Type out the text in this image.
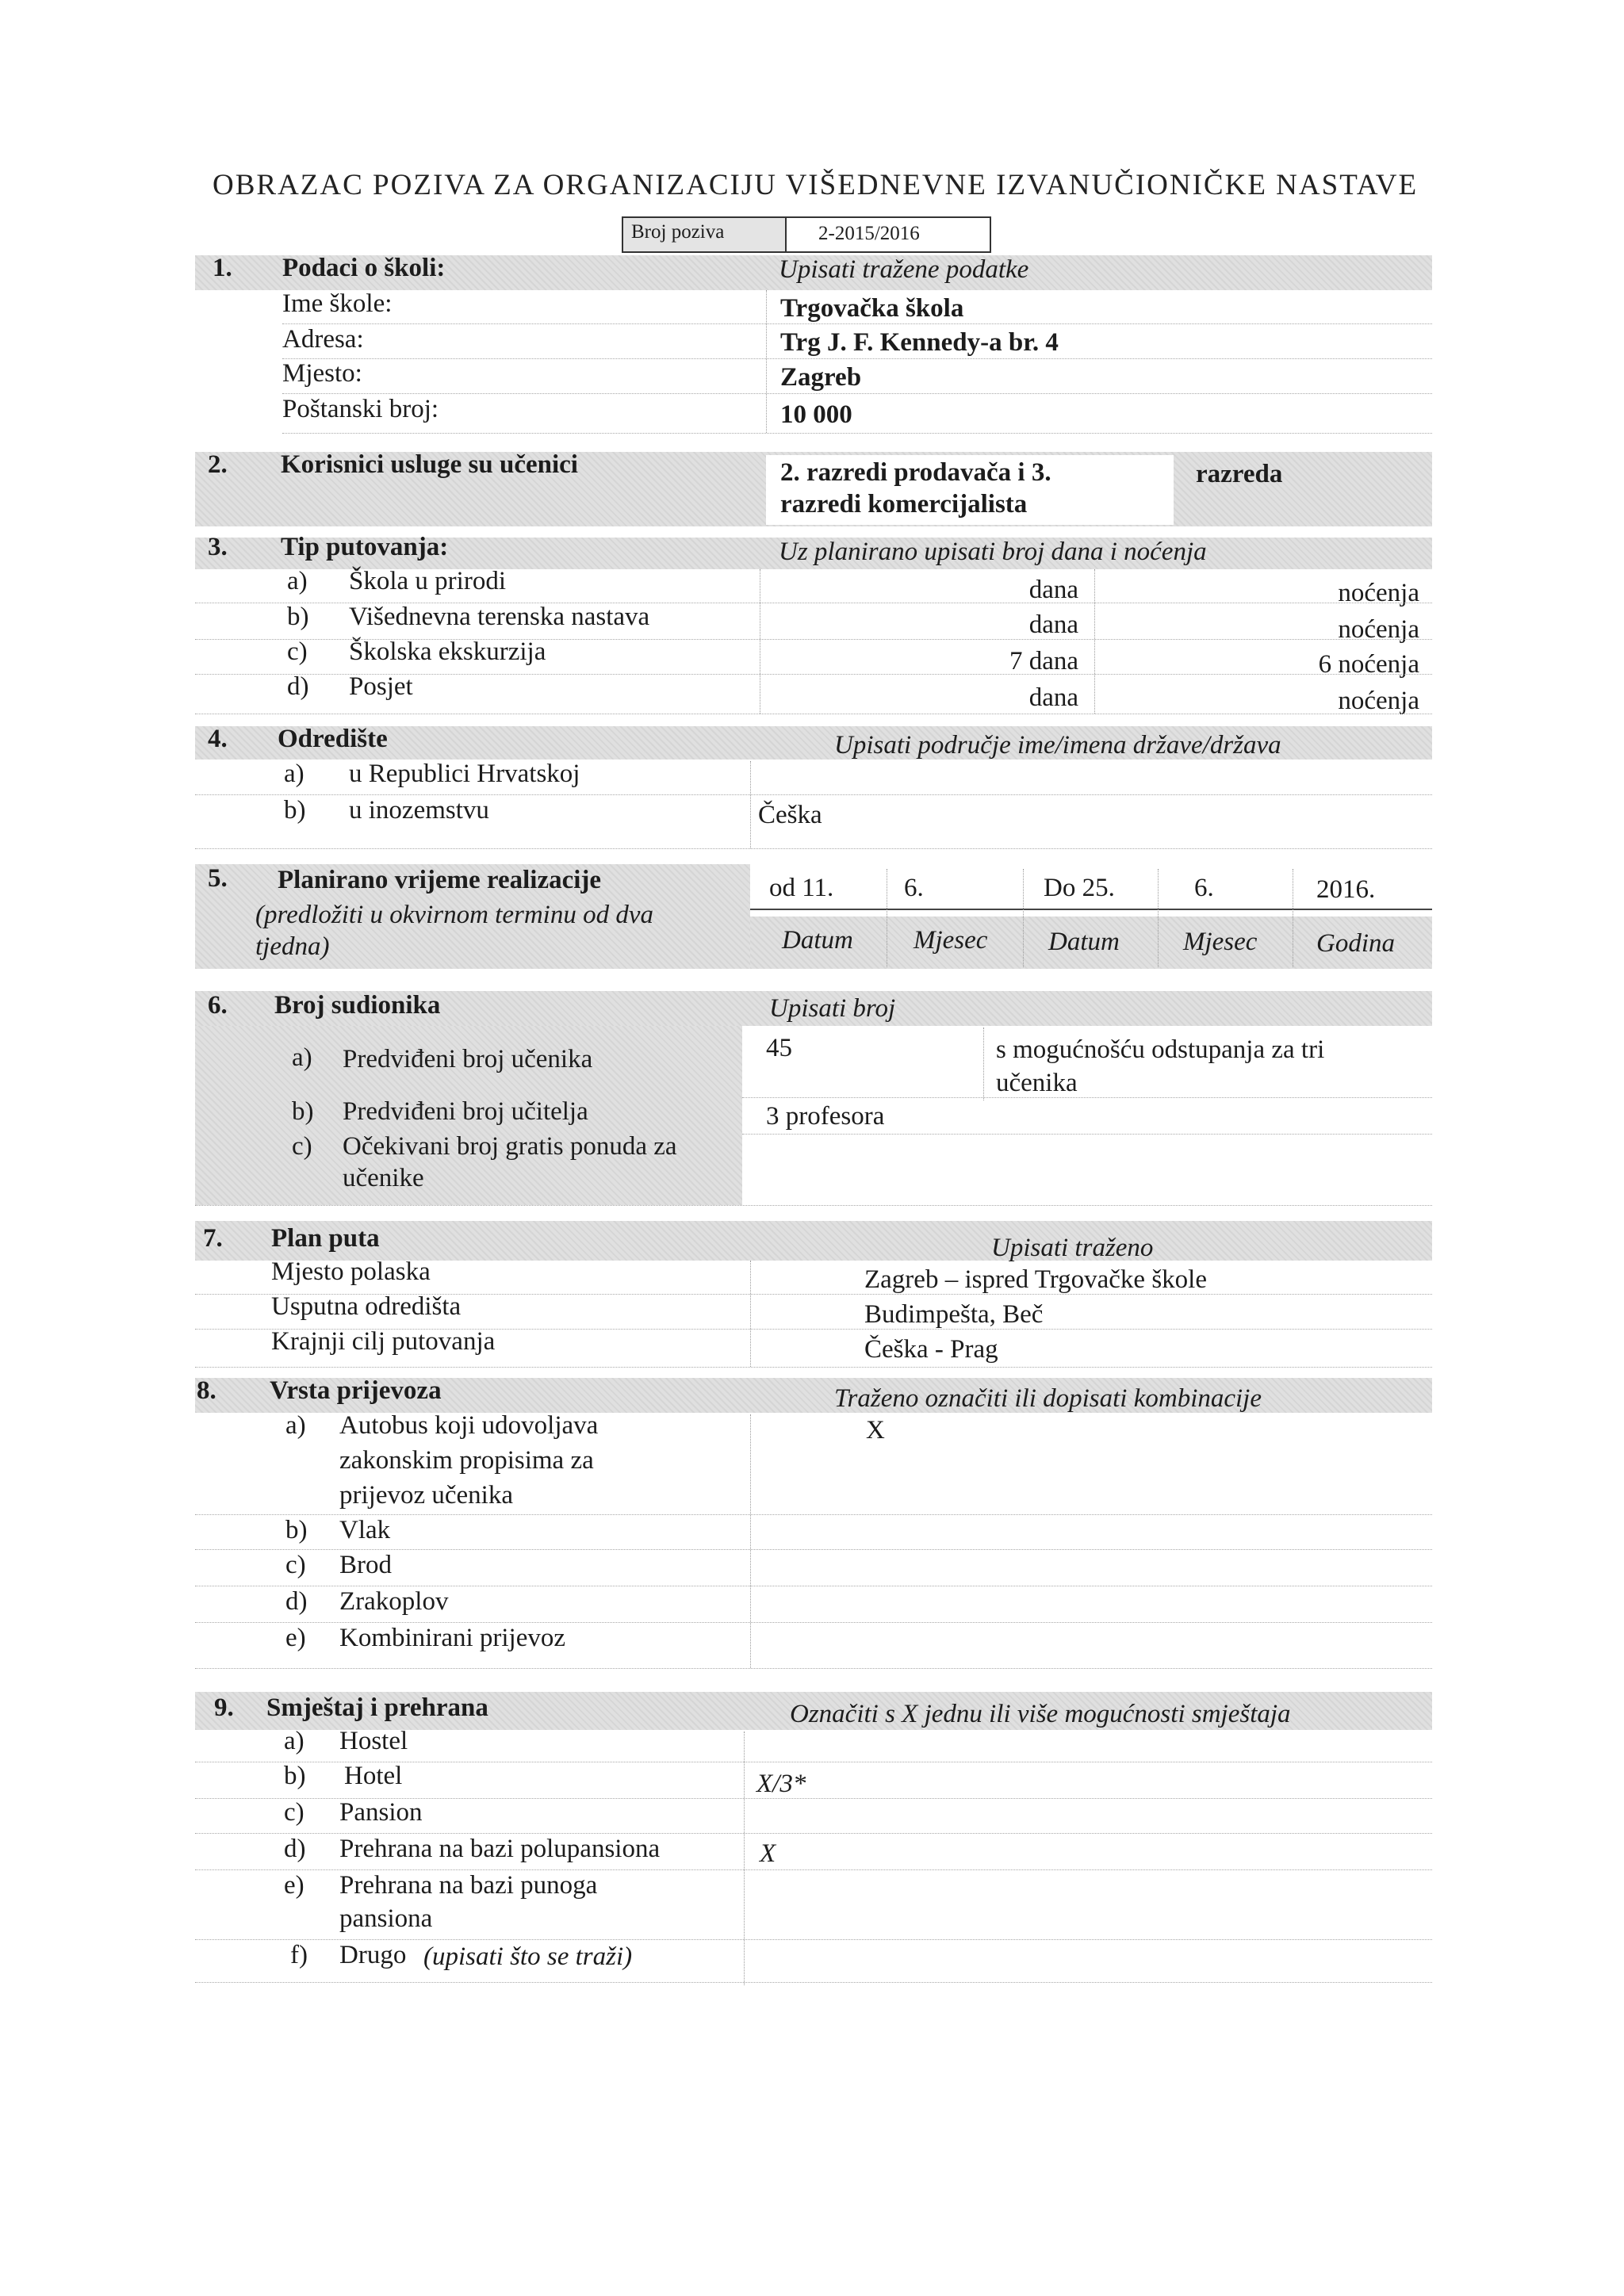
OBRAZAC POZIVA ZA ORGANIZACIJU VIŠEDNEVNE IZVANUČIONIČKE NASTAVE
Broj poziva	2-2015/2016
1. Podaci o školi:	Upisati tražene podatke
Ime škole:	Trgovačka škola
Adresa:	Trg J. F. Kennedy-a br. 4
Mjesto:	Zagreb
Poštanski broj:	10 000
2. Korisnici usluge su učenici	2. razredi prodavača i 3.
razredi komercijalista
razreda
3. Tip putovanja:	Uz planirano upisati broj dana i noćenja
a) Škola u prirodi	dana	noćenja
b) Višednevna terenska nastava	dana	noćenja
c) Školska ekskurzija	7 dana	6 noćenja
d) Posjet	dana	noćenja
4. Odredište	Upisati područje ime/imena države/država
a) u Republici Hrvatskoj
b) u inozemstvu	Češka
5. Planirano vrijeme realizacije
(predložiti u okvirnom terminu od dva
tjedna)
od 11.	6.	Do 25.	6.	2016.
Datum Mjesec Datum Mjesec Godina
6. Broj sudionika	Upisati broj
a) Predviđeni broj učenika	45	s mogućnošću odstupanja za tri
učenika
b) Predviđeni broj učitelja	3 profesora
c) Očekivani broj gratis ponuda za
učenike
7. Plan puta	Upisati traženo
Mjesto polaska	Zagreb – ispred Trgovačke škole
Usputna odredišta	Budimpešta, Beč
Krajnji cilj putovanja	Češka - Prag
8. Vrsta prijevoza	Traženo označiti ili dopisati kombinacije
a) Autobus koji udovoljava
zakonskim propisima za
prijevoz učenika
X
b) Vlak
c) Brod
d) Zrakoplov
e) Kombinirani prijevoz
9. Smještaj i prehrana	Označiti s X jednu ili više mogućnosti smještaja
a) Hostel
b) Hotel	X/3*
c) Pansion
d) Prehrana na bazi polupansiona	X
e) Prehrana na bazi punoga
pansiona
f) Drugo (upisati što se traži)
